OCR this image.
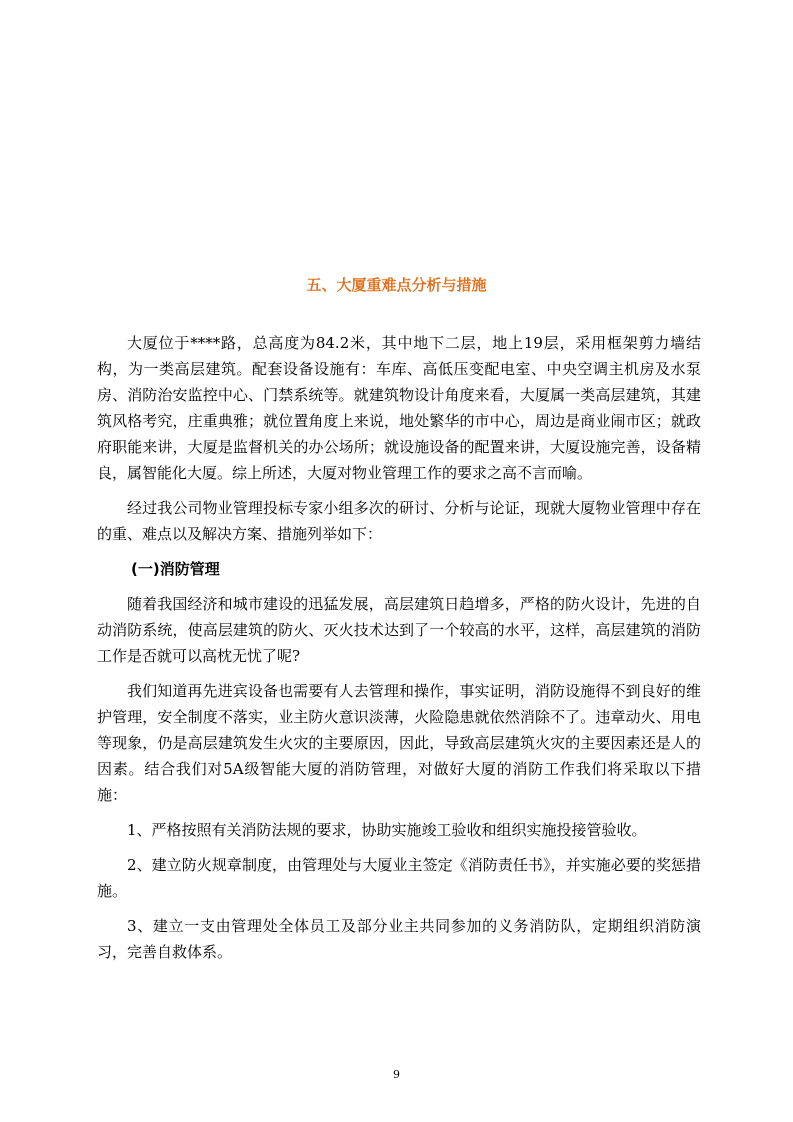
五、大厦重难点分析与措施

大厦位于****路，总高度为84.2米，其中地下二层，地上19层，采用框架剪力墙结构，为一类高层建筑。配套设备设施有：车库、高低压变配电室、中央空调主机房及水泵房、消防治安监控中心、门禁系统等。就建筑物设计角度来看，大厦属一类高层建筑，其建筑风格考究，庄重典雅；就位置角度上来说，地处繁华的市中心，周边是商业闹市区；就政府职能来讲，大厦是监督机关的办公场所；就设施设备的配置来讲，大厦设施完善，设备精良，属智能化大厦。综上所述，大厦对物业管理工作的要求之高不言而喻。

经过我公司物业管理投标专家小组多次的研讨、分析与论证，现就大厦物业管理中存在的重、难点以及解决方案、措施列举如下：

(一)消防管理

随着我国经济和城市建设的迅猛发展，高层建筑日趋增多，严格的防火设计，先进的自动消防系统，使高层建筑的防火、灭火技术达到了一个较高的水平，这样，高层建筑的消防工作是否就可以高枕无忧了呢?

我们知道再先进宾设备也需要有人去管理和操作，事实证明，消防设施得不到良好的维护管理，安全制度不落实，业主防火意识淡薄，火险隐患就依然消除不了。违章动火、用电等现象，仍是高层建筑发生火灾的主要原因，因此，导致高层建筑火灾的主要因素还是人的因素。结合我们对5A级智能大厦的消防管理，对做好大厦的消防工作我们将采取以下措施：

1、严格按照有关消防法规的要求，协助实施竣工验收和组织实施投接管验收。

2、建立防火规章制度，由管理处与大厦业主签定《消防责任书》，并实施必要的奖惩措施。

3、建立一支由管理处全体员工及部分业主共同参加的义务消防队，定期组织消防演习，完善自救体系。

9
